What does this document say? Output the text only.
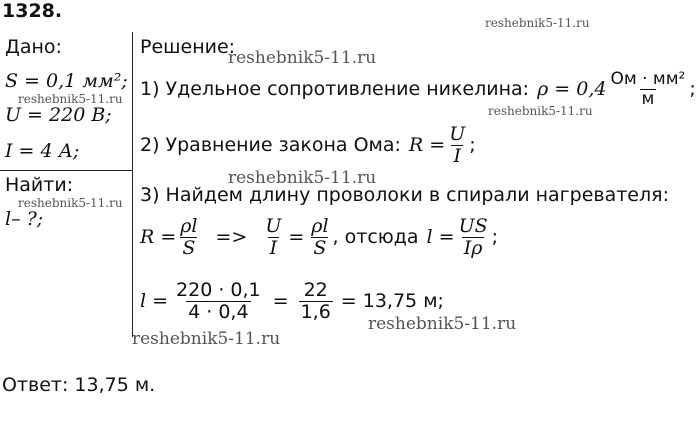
1328.
Дано:
S = 0,1 мм²;
U = 220 В;
I = 4 А;
Найти:
l– ?;
Решение:
1) Удельное сопротивление никелина: $\rho = 0,4 \frac{\text{Ом · мм²}}{м}$ ;
2) Уравнение закона Ома: $R = \frac{U}{I}$ ;
3) Найдем длину проволоки в спирали нагревателя:
$R = \frac{\rho l}{S} => \frac{U}{I} = \frac{\rho l}{S}$ , отсюда $l = \frac{US}{I\rho}$ ;
$l = \frac{220 \cdot 0,1}{4 \cdot 0,4} = \frac{22}{1,6} = 13,75$ м;
Ответ: 13,75 м.
reshebnik5-11.ru
reshebnik5-11.ru
reshebnik5-11.ru
reshebnik5-11.ru
reshebnik5-11.ru
reshebnik5-11.ru
reshebnik5-11.ru
reshebnik5-11.ru
